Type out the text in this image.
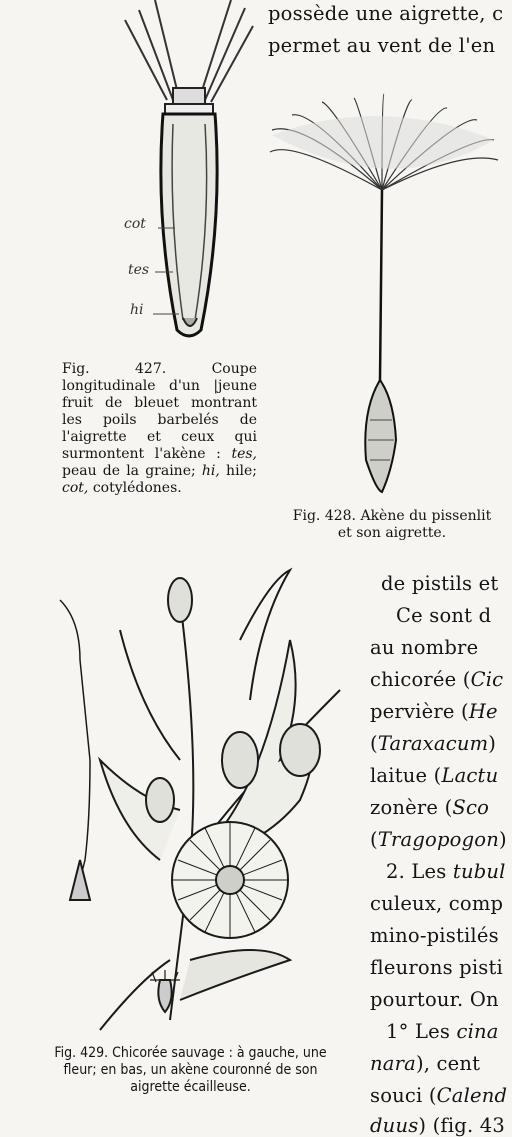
possède une aigrette, c
permet au vent de l'en
cot
tes
hi
Fig. 427.	Coupe longitudinale d'un |jeune fruit de bleuet montrant les poils barbelés de l'aigrette et ceux qui surmontent l'akène : tes, peau de la graine; hi, hile; cot, cotylédones.
Fig. 428. Akène du pissenlit
et son aigrette.
Fig. 429. Chicorée sauvage : à gauche, une fleur; en bas, un akène couronné de son aigrette écailleuse.
de pistils et
Ce sont d
au nombre
chicorée (Cic
pervière (He
(Taraxacum)
laitue (Lactu
zonère (Sco
(Tragopogon)
2. Les tubul
culeux, comp
mino-pistilés
fleurons pisti
pourtour. On
1° Les cina
nara), cent
souci (Calend
duus) (fig. 43
